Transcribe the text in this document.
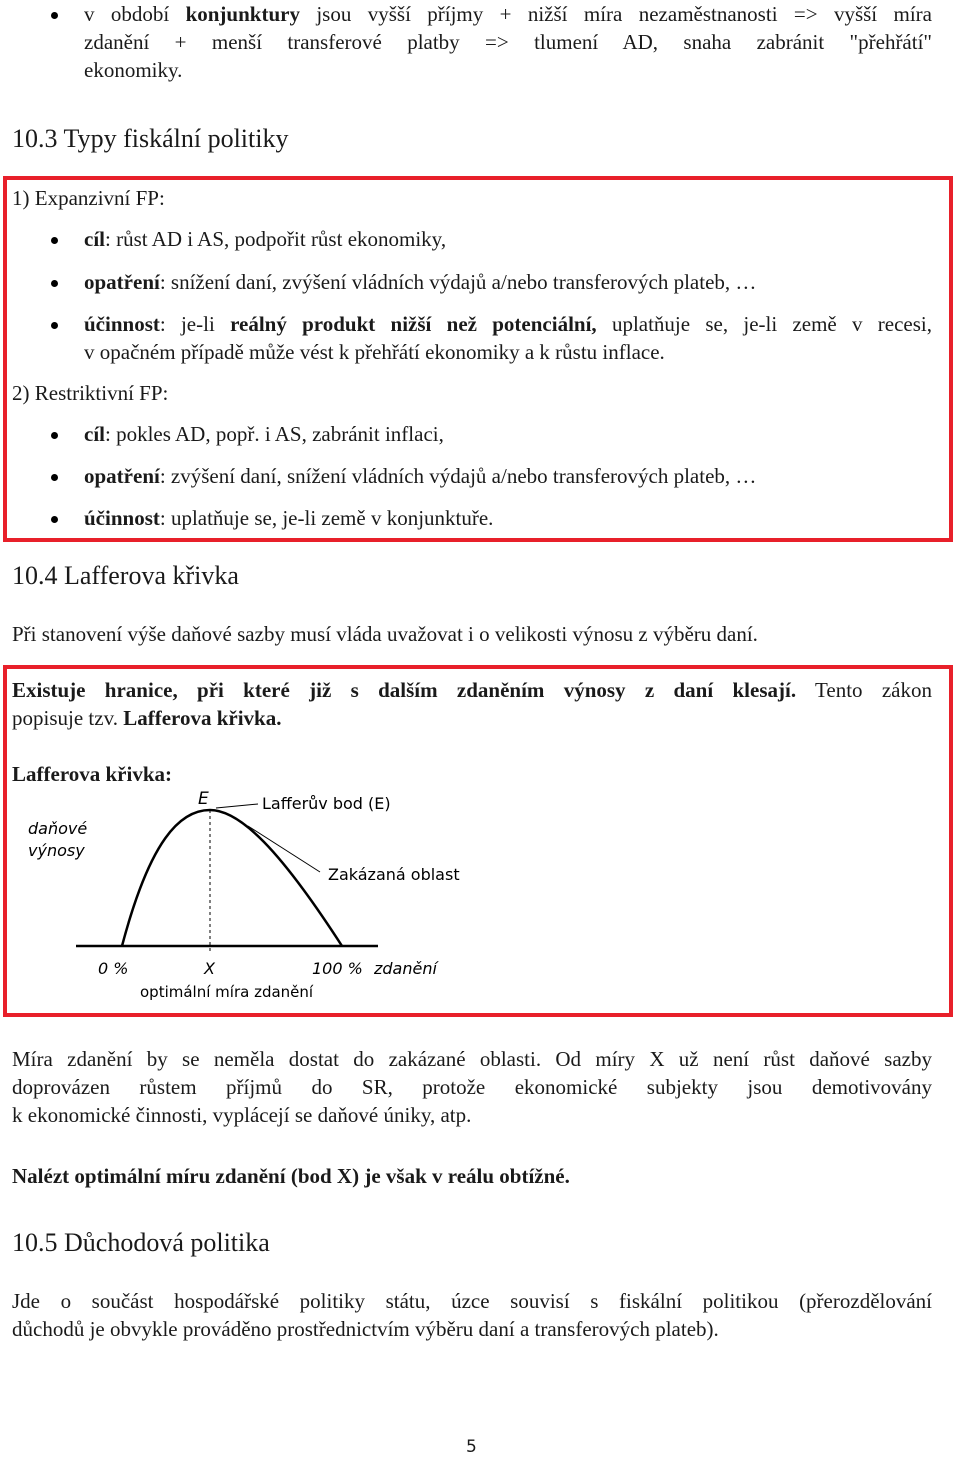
v období konjunktury jsou vyšší příjmy + nižší míra nezaměstnanosti => vyšší míra
zdanění + menší transferové platby => tlumení AD, snaha zabránit "přehřátí"
ekonomiky.
10.3 Typy fiskální politiky
1) Expanzivní FP:
cíl: růst AD i AS, podpořit růst ekonomiky,
opatření: snížení daní, zvýšení vládních výdajů a/nebo transferových plateb, …
účinnost: je-li reálný produkt nižší než potenciální, uplatňuje se, je-li země v recesi,
v opačném případě může vést k přehřátí ekonomiky a k růstu inflace.
2) Restriktivní FP:
cíl: pokles AD, popř. i AS, zabránit inflaci,
opatření: zvýšení daní, snížení vládních výdajů a/nebo transferových plateb, …
účinnost: uplatňuje se, je-li země v konjunktuře.
10.4 Lafferova křivka
Při stanovení výše daňové sazby musí vláda uvažovat i o velikosti výnosu z výběru daní.
Existuje hranice, při které již s dalším zdaněním výnosy z daní klesají. Tento zákon
popisuje tzv. Lafferova křivka.
Lafferova křivka:
daňové
výnosy
E	Lafferův bod (E)
Zakázaná oblast
0 %	X	100 % zdanění
optimální míra zdanění
Míra zdanění by se neměla dostat do zakázané oblasti. Od míry X už není růst daňové sazby
doprovázen růstem příjmů do SR, protože ekonomické subjekty jsou demotivovány
k ekonomické činnosti, vyplácejí se daňové úniky, atp.
Nalézt optimální míru zdanění (bod X) je však v reálu obtížné.
10.5 Důchodová politika
Jde o součást hospodářské politiky státu, úzce souvisí s fiskální politikou (přerozdělování
důchodů je obvykle prováděno prostřednictvím výběru daní a transferových plateb).
5
